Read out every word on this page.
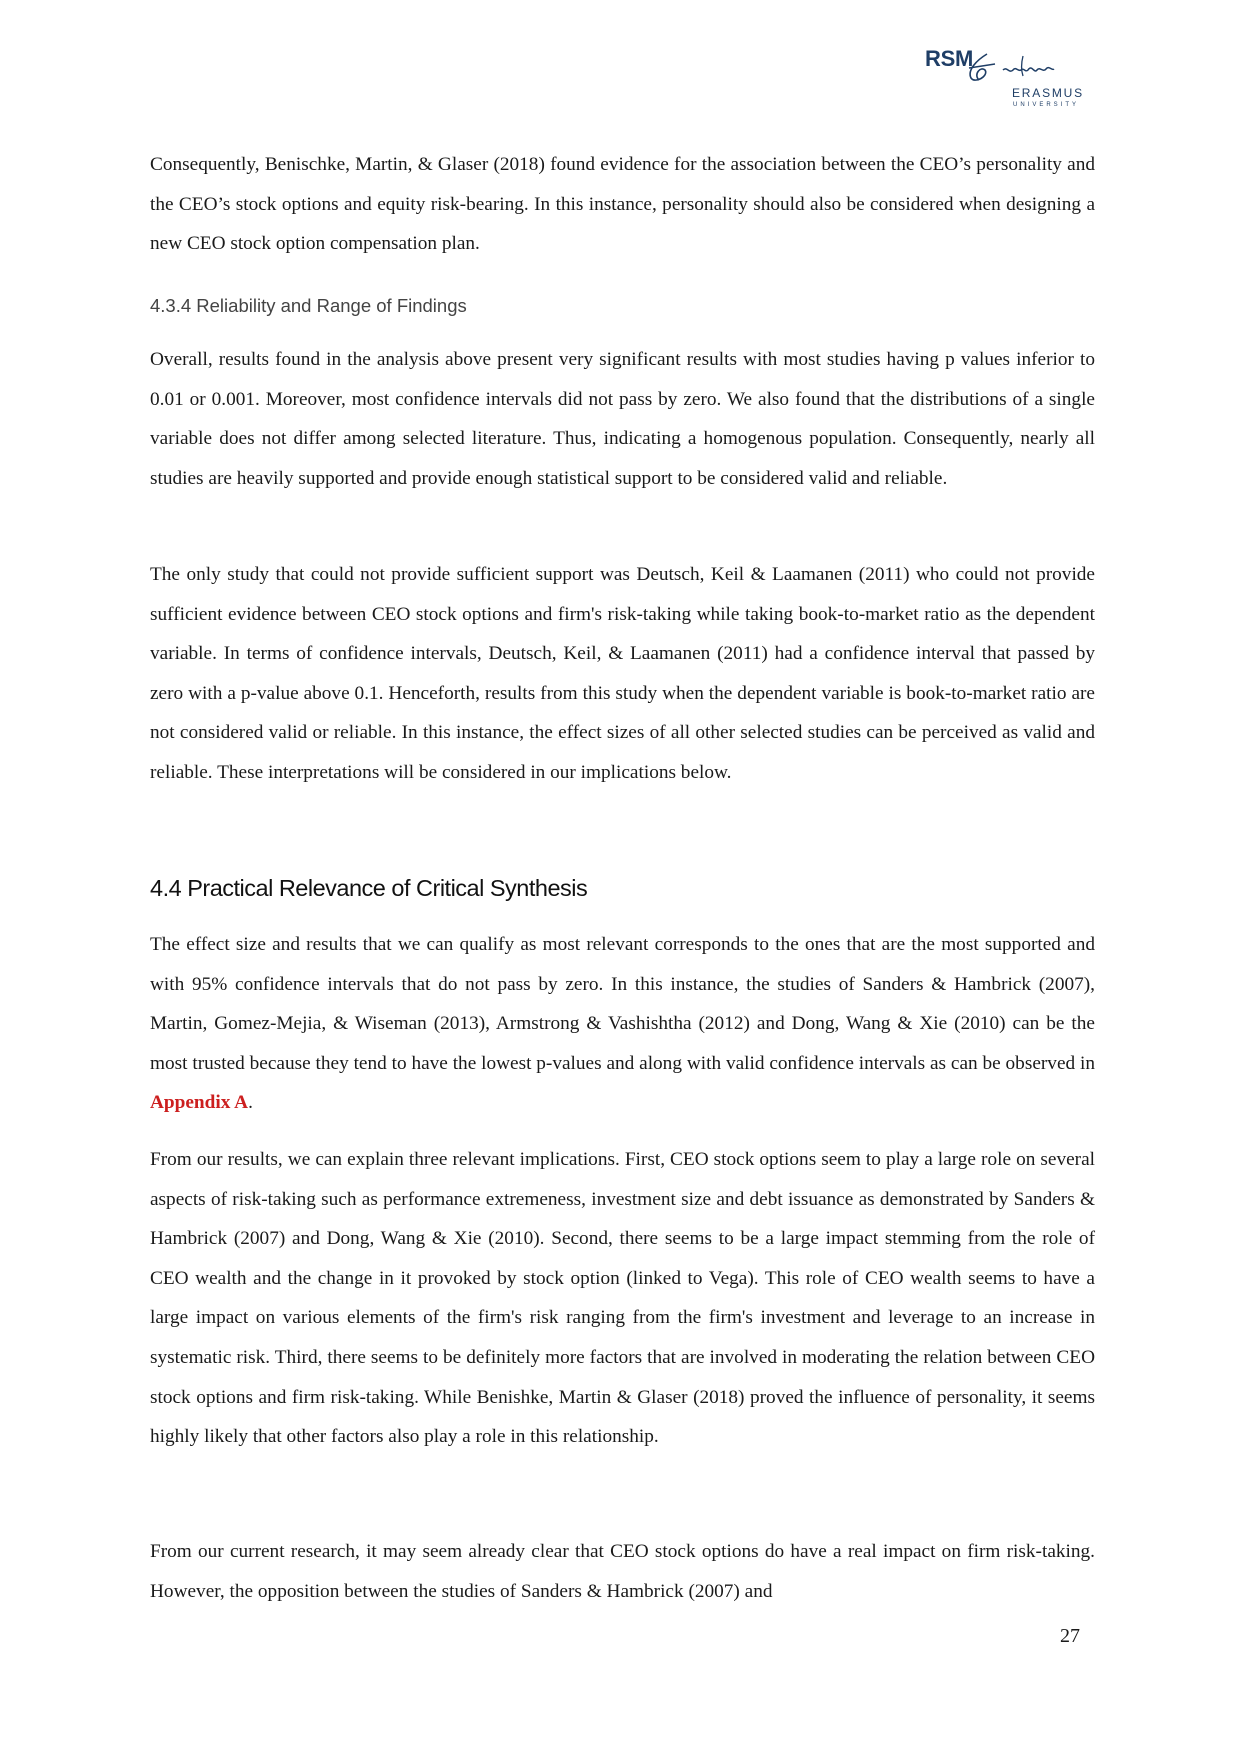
RSM
ERASMUS
UNIVERSITY

Consequently, Benischke, Martin, & Glaser (2018) found evidence for the association between the CEO’s personality and the CEO’s stock options and equity risk-bearing. In this instance, personality should also be considered when designing a new CEO stock option compensation plan.

4.3.4 Reliability and Range of Findings

Overall, results found in the analysis above present very significant results with most studies having p values inferior to 0.01 or 0.001. Moreover, most confidence intervals did not pass by zero. We also found that the distributions of a single variable does not differ among selected literature. Thus, indicating a homogenous population. Consequently, nearly all studies are heavily supported and provide enough statistical support to be considered valid and reliable.

The only study that could not provide sufficient support was Deutsch, Keil & Laamanen (2011) who could not provide sufficient evidence between CEO stock options and firm's risk-taking while taking book-to-market ratio as the dependent variable. In terms of confidence intervals, Deutsch, Keil, & Laamanen (2011) had a confidence interval that passed by zero with a p-value above 0.1. Henceforth, results from this study when the dependent variable is book-to-market ratio are not considered valid or reliable. In this instance, the effect sizes of all other selected studies can be perceived as valid and reliable. These interpretations will be considered in our implications below.

4.4 Practical Relevance of Critical Synthesis

The effect size and results that we can qualify as most relevant corresponds to the ones that are the most supported and with 95% confidence intervals that do not pass by zero. In this instance, the studies of Sanders & Hambrick (2007), Martin, Gomez-Mejia, & Wiseman (2013), Armstrong & Vashishtha (2012) and Dong, Wang & Xie (2010) can be the most trusted because they tend to have the lowest p-values and along with valid confidence intervals as can be observed in Appendix A.

From our results, we can explain three relevant implications. First, CEO stock options seem to play a large role on several aspects of risk-taking such as performance extremeness, investment size and debt issuance as demonstrated by Sanders & Hambrick (2007) and Dong, Wang & Xie (2010). Second, there seems to be a large impact stemming from the role of CEO wealth and the change in it provoked by stock option (linked to Vega). This role of CEO wealth seems to have a large impact on various elements of the firm's risk ranging from the firm's investment and leverage to an increase in systematic risk. Third, there seems to be definitely more factors that are involved in moderating the relation between CEO stock options and firm risk-taking. While Benishke, Martin & Glaser (2018) proved the influence of personality, it seems highly likely that other factors also play a role in this relationship.

From our current research, it may seem already clear that CEO stock options do have a real impact on firm risk-taking. However, the opposition between the studies of Sanders & Hambrick (2007) and

27
